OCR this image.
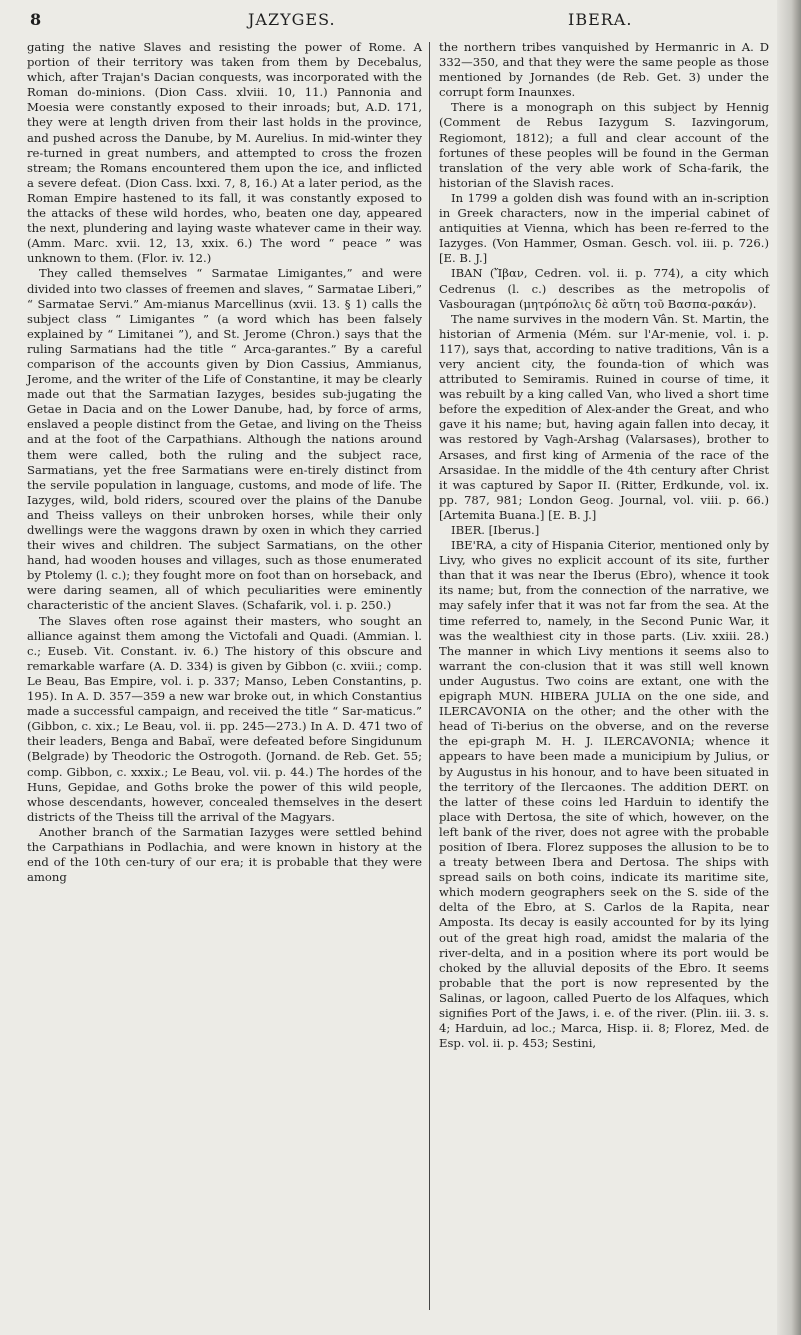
8	JAZYGES.	IBERA.

gating the native Slaves and resisting the power of Rome. A portion of their territory was taken from them by Decebalus, which, after Trajan's Dacian conquests, was incorporated with the Roman do-minions. (Dion Cass. xlviii. 10, 11.) Pannonia and Moesia were constantly exposed to their inroads; but, A.D. 171, they were at length driven from their last holds in the province, and pushed across the Danube, by M. Aurelius. In mid-winter they re-turned in great numbers, and attempted to cross the frozen stream; the Romans encountered them upon the ice, and inflicted a severe defeat. (Dion Cass. lxxi. 7, 8, 16.) At a later period, as the Roman Empire hastened to its fall, it was constantly exposed to the attacks of these wild hordes, who, beaten one day, appeared the next, plundering and laying waste whatever came in their way. (Amm. Marc. xvii. 12, 13, xxix. 6.) The word “ peace ” was unknown to them. (Flor. iv. 12.)

They called themselves “ Sarmatae Limigantes,” and were divided into two classes of freemen and slaves, “ Sarmatae Liberi,” “ Sarmatae Servi.” Am-mianus Marcellinus (xvii. 13. § 1) calls the subject class “ Limigantes ” (a word which has been falsely explained by “ Limitanei ”), and St. Jerome (Chron.) says that the ruling Sarmatians had the title “ Arca-garantes.” By a careful comparison of the accounts given by Dion Cassius, Ammianus, Jerome, and the writer of the Life of Constantine, it may be clearly made out that the Sarmatian Iazyges, besides sub-jugating the Getae in Dacia and on the Lower Danube, had, by force of arms, enslaved a people distinct from the Getae, and living on the Theiss and at the foot of the Carpathians. Although the nations around them were called, both the ruling and the subject race, Sarmatians, yet the free Sarmatians were en-tirely distinct from the servile population in language, customs, and mode of life. The Iazyges, wild, bold riders, scoured over the plains of the Danube and Theiss valleys on their unbroken horses, while their only dwellings were the waggons drawn by oxen in which they carried their wives and children. The subject Sarmatians, on the other hand, had wooden houses and villages, such as those enumerated by Ptolemy (l. c.); they fought more on foot than on horseback, and were daring seamen, all of which peculiarities were eminently characteristic of the ancient Slaves. (Schafarik, vol. i. p. 250.)

The Slaves often rose against their masters, who sought an alliance against them among the Victofali and Quadi. (Ammian. l. c.; Euseb. Vit. Constant. iv. 6.) The history of this obscure and remarkable warfare (A. D. 334) is given by Gibbon (c. xviii.; comp. Le Beau, Bas Empire, vol. i. p. 337; Manso, Leben Constantins, p. 195). In A. D. 357—359 a new war broke out, in which Constantius made a successful campaign, and received the title “ Sar-maticus.” (Gibbon, c. xix.; Le Beau, vol. ii. pp. 245—273.) In A. D. 471 two of their leaders, Benga and Babaï, were defeated before Singidunum (Belgrade) by Theodoric the Ostrogoth. (Jornand. de Reb. Get. 55; comp. Gibbon, c. xxxix.; Le Beau, vol. vii. p. 44.) The hordes of the Huns, Gepidae, and Goths broke the power of this wild people, whose descendants, however, concealed themselves in the desert districts of the Theiss till the arrival of the Magyars.

Another branch of the Sarmatian Iazyges were settled behind the Carpathians in Podlachia, and were known in history at the end of the 10th cen-tury of our era; it is probable that they were among

the northern tribes vanquished by Hermanric in A. D 332—350, and that they were the same people as those mentioned by Jornandes (de Reb. Get. 3) under the corrupt form Inaunxes.

There is a monograph on this subject by Hennig (Comment de Rebus Iazygum S. Iazvingorum, Regiomont, 1812); a full and clear account of the fortunes of these peoples will be found in the German translation of the very able work of Scha-farik, the historian of the Slavish races.

In 1799 a golden dish was found with an in-scription in Greek characters, now in the imperial cabinet of antiquities at Vienna, which has been re-ferred to the Iazyges. (Von Hammer, Osman. Gesch. vol. iii. p. 726.) [E. B. J.]

IBAN (Ἴβαν, Cedren. vol. ii. p. 774), a city which Cedrenus (l. c.) describes as the metropolis of Vasbouragan (μητρόπολις δὲ αὕτη τοῦ Βασπα-ρακάν).

The name survives in the modern Vân. St. Martin, the historian of Armenia (Mém. sur l'Ar-menie, vol. i. p. 117), says that, according to native traditions, Vân is a very ancient city, the founda-tion of which was attributed to Semiramis. Ruined in course of time, it was rebuilt by a king called Van, who lived a short time before the expedition of Alex-ander the Great, and who gave it his name; but, having again fallen into decay, it was restored by Vagh-Arshag (Valarsases), brother to Arsases, and first king of Armenia of the race of the Arsasidae. In the middle of the 4th century after Christ it was captured by Sapor II. (Ritter, Erdkunde, vol. ix. pp. 787, 981; London Geog. Journal, vol. viii. p. 66.) [Artemita Buana.] [E. B. J.]

IBER. [Iberus.]

IBE'RA, a city of Hispania Citerior, mentioned only by Livy, who gives no explicit account of its site, further than that it was near the Iberus (Ebro), whence it took its name; but, from the connection of the narrative, we may safely infer that it was not far from the sea. At the time referred to, namely, in the Second Punic War, it was the wealthiest city in those parts. (Liv. xxiii. 28.) The manner in which Livy mentions it seems also to warrant the con-clusion that it was still well known under Augustus. Two coins are extant, one with the epigraph MUN. HIBERA JULIA on the one side, and ILERCAVONIA on the other; and the other with the head of Ti-berius on the obverse, and on the reverse the epi-graph M. H. J. ILERCAVONIA; whence it appears to have been made a municipium by Julius, or by Augustus in his honour, and to have been situated in the territory of the Ilercaones. The addition DERT. on the latter of these coins led Harduin to identify the place with Dertosa, the site of which, however, on the left bank of the river, does not agree with the probable position of Ibera. Florez supposes the allusion to be to a treaty between Ibera and Dertosa. The ships with spread sails on both coins, indicate its maritime site, which modern geographers seek on the S. side of the delta of the Ebro, at S. Carlos de la Rapita, near Amposta. Its decay is easily accounted for by its lying out of the great high road, amidst the malaria of the river-delta, and in a position where its port would be choked by the alluvial deposits of the Ebro. It seems probable that the port is now represented by the Salinas, or lagoon, called Puerto de los Alfaques, which signifies Port of the Jaws, i. e. of the river. (Plin. iii. 3. s. 4; Harduin, ad loc.; Marca, Hisp. ii. 8; Florez, Med. de Esp. vol. ii. p. 453; Sestini,
